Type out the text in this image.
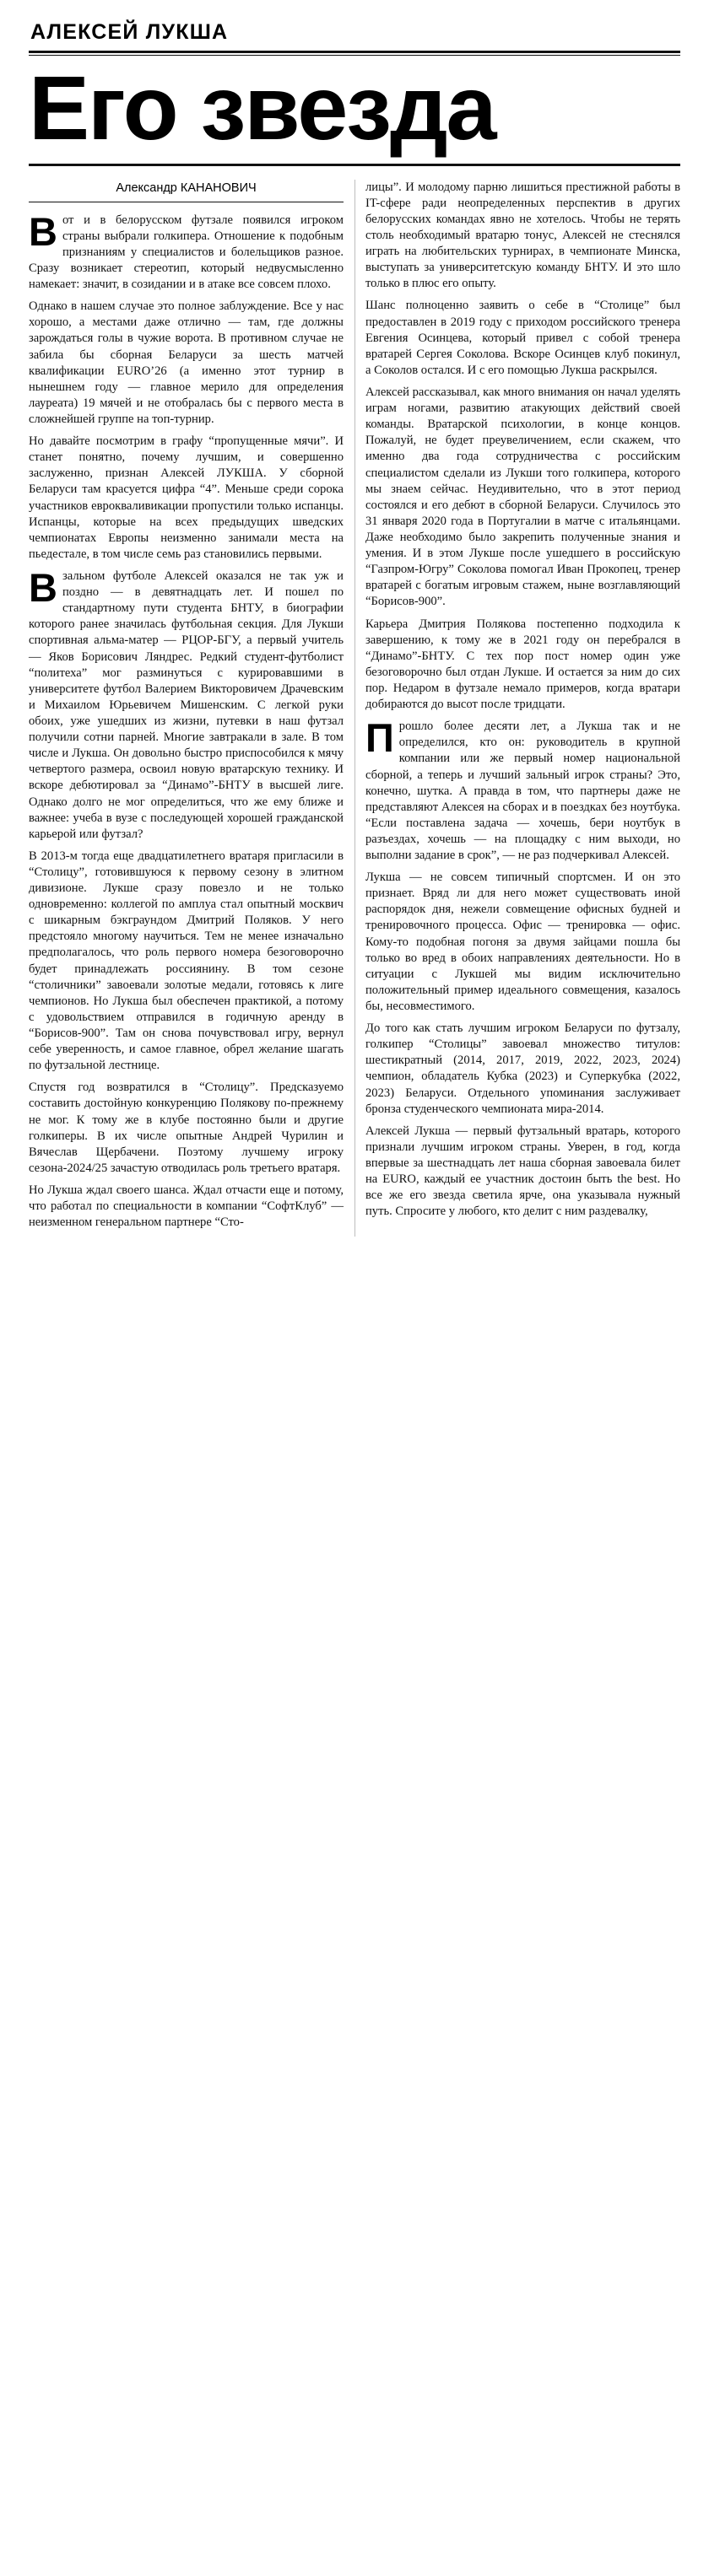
АЛЕКСЕЙ ЛУКША
Его звезда
Александр КАНАНОВИЧ

Вот и в белорусском футзале появился игроком страны выбрали голкипера. Отношение к подобным признаниям у специалистов и болельщиков разное. Сразу возникает стереотип, который недвусмысленно намекает: значит, в созидании и в атаке все совсем плохо.

Однако в нашем случае это полное заблуждение. Все у нас хорошо, а местами даже отлично — там, где должны зарождаться голы в чужие ворота. В противном случае не забила бы сборная Беларуси за шесть матчей квалификации EURO’26 (а именно этот турнир в нынешнем году — главное мерило для определения лауреата) 19 мячей и не отобралась бы с первого места в сложнейшей группе на топ-турнир.

Но давайте посмотрим в графу “пропущенные мячи”. И станет понятно, почему лучшим, и совершенно заслуженно, признан Алексей ЛУКША. У сборной Беларуси там красуется цифра “4”. Меньше среди сорока участников еврокваливикации пропустили только испанцы. Испанцы, которые на всех предыдущих шведских чемпионатах Европы неизменно занимали места на пьедестале, в том числе семь раз становились первыми.

Взальном футболе Алексей оказался не так уж и поздно — в девятнадцать лет. И пошел по стандартному пути студента БНТУ, в биографии которого ранее значилась футбольная секция. Для Лукши спортивная альма-матер — РЦОР-БГУ, а первый учитель — Яков Борисович Ляндрес. Редкий студент-футболист “политеха” мог разминуться с курировавшими в университете футбол Валерием Викторовичем Драчевским и Михаилом Юрьевичем Мишенским. С легкой руки обоих, уже ушедших из жизни, путевки в наш футзал получили сотни парней. Многие завтракали в зале. В том числе и Лукша. Он довольно быстро приспособился к мячу четвертого размера, освоил новую вратарскую технику. И вскоре дебютировал за “Динамо”-БНТУ в высшей лиге. Однако долго не мог определиться, что же ему ближе и важнее: учеба в вузе с последующей хорошей гражданской карьерой или футзал?

В 2013-м тогда еще двадцатилетнего вратаря пригласили в “Столицу”, готовившуюся к первому сезону в элитном дивизионе. Лукше сразу повезло и не только одновременно: коллегой по амплуа стал опытный москвич с шикарным бэкграундом Дмитрий Поляков. У него предстояло многому научиться. Тем не менее изначально предполагалось, что роль первого номера безоговорочно будет принадлежать россиянину. В том сезоне “столичники” завоевали золотые медали, готовясь к лиге чемпионов. Но Лукша был обеспечен практикой, а потому с удовольствием отправился в годичную аренду в “Борисов-900”. Там он снова почувствовал игру, вернул себе уверенность, и самое главное, обрел желание шагать по футзальной лестнице.

Спустя год возвратился в “Столицу”. Предсказуемо составить достойную конкуренцию Полякову по-прежнему не мог. К тому же в клубе постоянно были и другие голкиперы. В их числе опытные Андрей Чурилин и Вячеслав Щербачени. Поэтому лучшему игроку сезона-2024/25 зачастую отводилась роль третьего вратаря.

Но Лукша ждал своего шанса. Ждал отчасти еще и потому, что работал по специальности в компании “СофтКлуб” — неизменном генеральном партнере “Сто-

лицы”. И молодому парню лишиться престижной работы в IT-сфере ради неопределенных перспектив в других белорусских командах явно не хотелось. Чтобы не терять столь необходимый вратарю тонус, Алексей не стеснялся играть на любительских турнирах, в чемпионате Минска, выступать за университетскую команду БНТУ. И это шло только в плюс его опыту.

Шанс полноценно заявить о себе в “Столице” был предоставлен в 2019 году с приходом российского тренера Евгения Осинцева, который привел с собой тренера вратарей Сергея Соколова. Вскоре Осинцев клуб покинул, а Соколов остался. И с его помощью Лукша раскрылся.

Алексей рассказывал, как много внимания он начал уделять играм ногами, развитию атакующих действий своей команды. Вратарской психологии, в конце концов. Пожалуй, не будет преувеличением, если скажем, что именно два года сотрудничества с российским специалистом сделали из Лукши того голкипера, которого мы знаем сейчас. Неудивительно, что в этот период состоялся и его дебют в сборной Беларуси. Случилось это 31 января 2020 года в Португалии в матче с итальянцами. Даже необходимо было закрепить полученные знания и умения. И в этом Лукше после ушедшего в российскую “Газпром-Югру” Соколова помогал Иван Прокопец, тренер вратарей с богатым игровым стажем, ныне возглавляющий “Борисов-900”.

Карьера Дмитрия Полякова постепенно подходила к завершению, к тому же в 2021 году он перебрался в “Динамо”-БНТУ. С тех пор пост номер один уже безоговорочно был отдан Лукше. И остается за ним до сих пор. Недаром в футзале немало примеров, когда вратари добираются до высот после тридцати.

Прошло более десяти лет, а Лукша так и не определился, кто он: руководитель в крупной компании или же первый номер национальной сборной, а теперь и лучший зальный игрок страны? Это, конечно, шутка. А правда в том, что партнеры даже не представляют Алексея на сборах и в поездках без ноутбука. “Если поставлена задача — хочешь, бери ноутбук в разъездах, хочешь — на площадку с ним выходи, но выполни задание в срок”, — не раз подчеркивал Алексей.

Лукша — не совсем типичный спортсмен. И он это признает. Вряд ли для него может существовать иной распорядок дня, нежели совмещение офисных будней и тренировочного процесса. Офис — тренировка — офис. Кому-то подобная погоня за двумя зайцами пошла бы только во вред в обоих направлениях деятельности. Но в ситуации с Лукшей мы видим исключительно положительный пример идеального совмещения, казалось бы, несовместимого.

До того как стать лучшим игроком Беларуси по футзалу, голкипер “Столицы” завоевал множество титулов: шестикратный (2014, 2017, 2019, 2022, 2023, 2024) чемпион, обладатель Кубка (2023) и Суперкубка (2022, 2023) Беларуси. Отдельного упоминания заслуживает бронза студенческого чемпионата мира-2014.

Алексей Лукша — первый футзальный вратарь, которого признали лучшим игроком страны. Уверен, в год, когда впервые за шестнадцать лет наша сборная завоевала билет на EURO, каждый ее участник достоин быть the best. Но все же его звезда светила ярче, она указывала нужный путь. Спросите у любого, кто делит с ним раздевалку,
